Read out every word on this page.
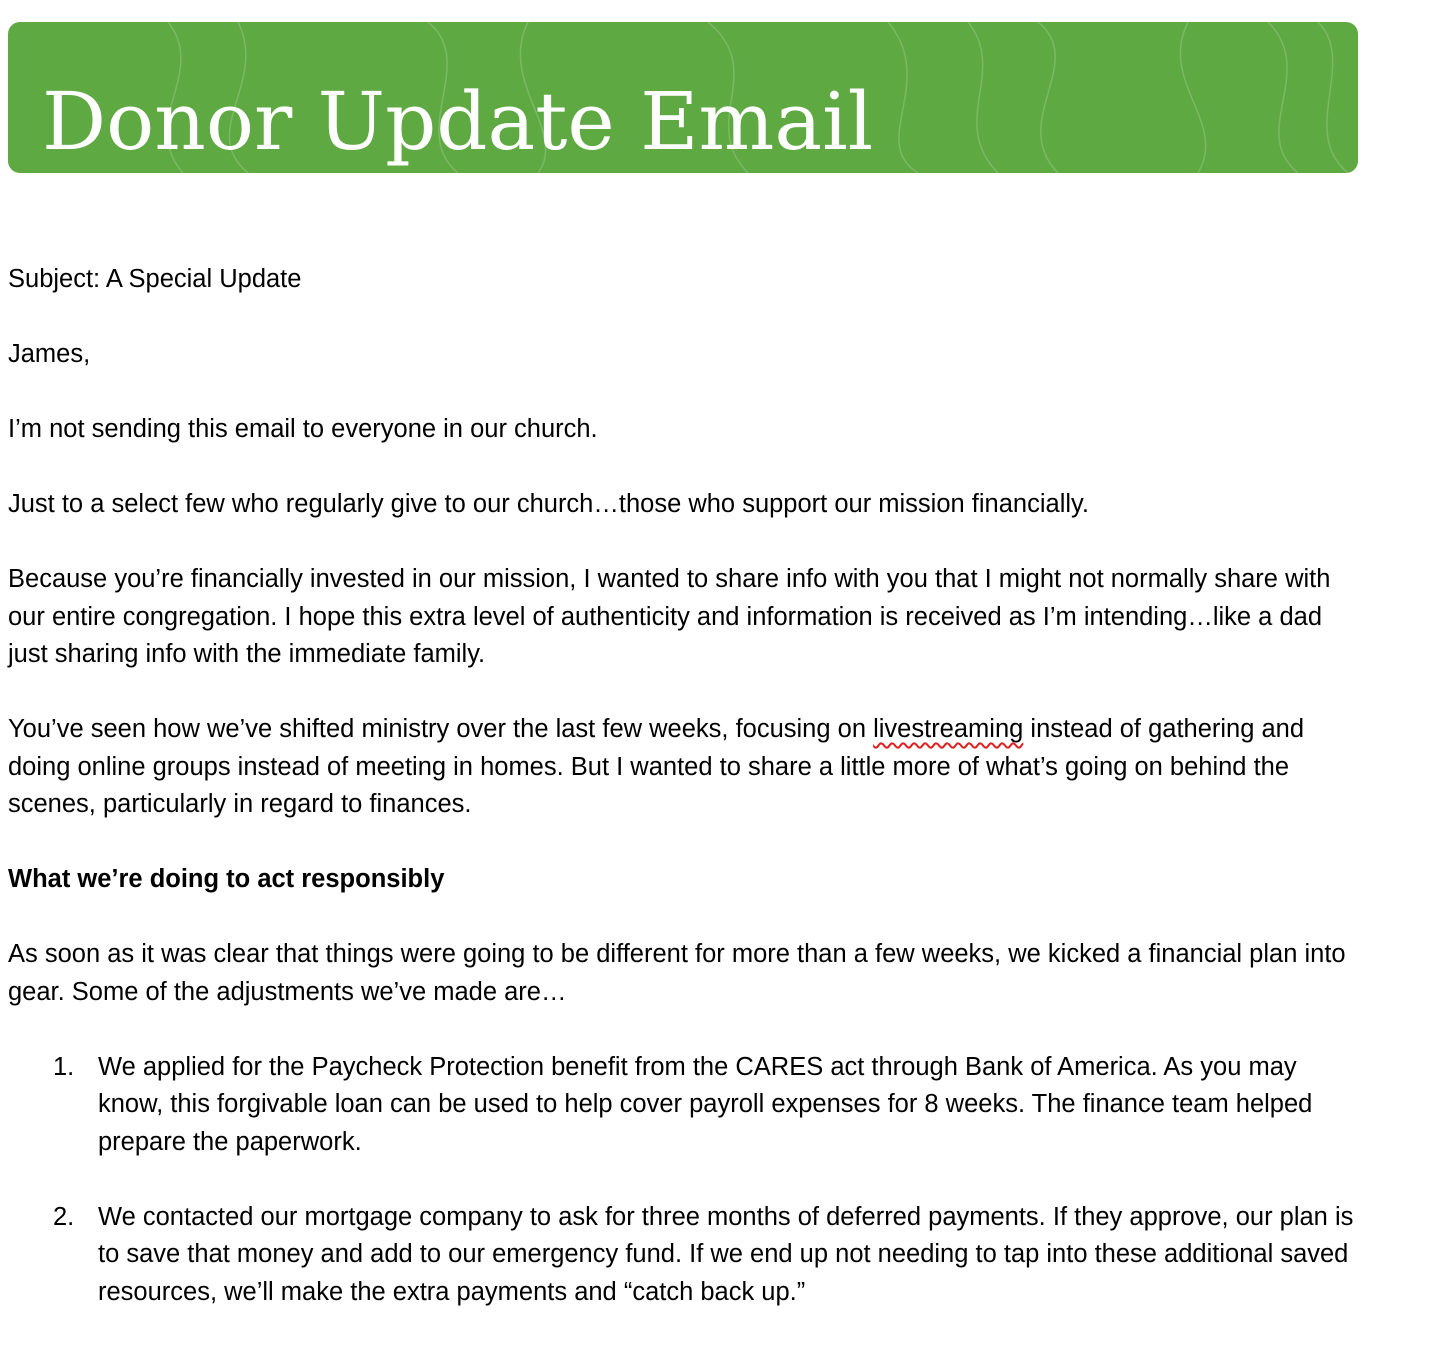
Donor Update Email

Subject: A Special Update

James,

I’m not sending this email to everyone in our church.

Just to a select few who regularly give to our church…those who support our mission financially.

Because you’re financially invested in our mission, I wanted to share info with you that I might not normally share with our entire congregation. I hope this extra level of authenticity and information is received as I’m intending…like a dad just sharing info with the immediate family.

You’ve seen how we’ve shifted ministry over the last few weeks, focusing on livestreaming instead of gathering and doing online groups instead of meeting in homes. But I wanted to share a little more of what’s going on behind the scenes, particularly in regard to finances.

What we’re doing to act responsibly

As soon as it was clear that things were going to be different for more than a few weeks, we kicked a financial plan into gear. Some of the adjustments we’ve made are…

1. We applied for the Paycheck Protection benefit from the CARES act through Bank of America. As you may know, this forgivable loan can be used to help cover payroll expenses for 8 weeks. The finance team helped prepare the paperwork.
2. We contacted our mortgage company to ask for three months of deferred payments. If they approve, our plan is to save that money and add to our emergency fund. If we end up not needing to tap into these additional saved resources, we’ll make the extra payments and “catch back up.”
